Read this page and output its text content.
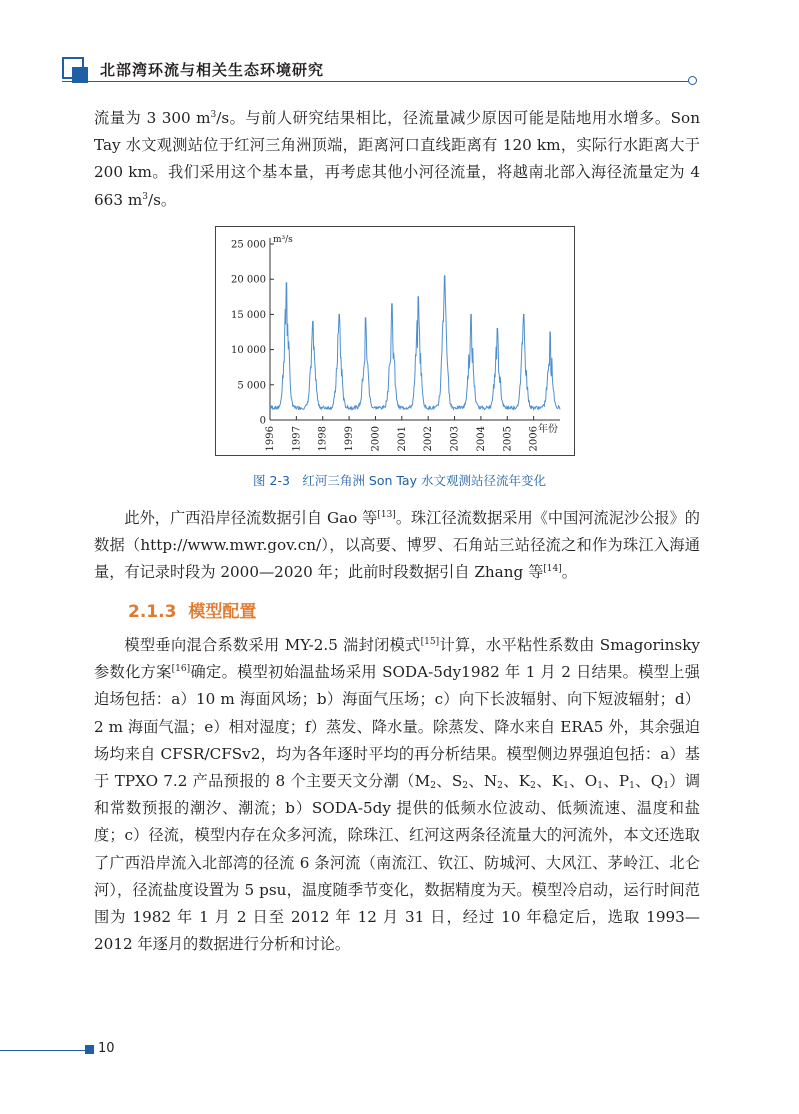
北部湾环流与相关生态环境研究

流量为 3 300 $m^3/s$。与前人研究结果相比，径流量减少原因可能是陆地用水增多。Son Tay 水文观测站位于红河三角洲顶端，距离河口直线距离有 120 km，实际行水距离大于 200 km。我们采用这个基本量，再考虑其他小河径流量，将越南北部入海径流量定为 4 663 $m^3/s$。

0
5 000
10 000
15 000
20 000
25 000 m³/s
1996 1997 1998 1999 2000 2001 2002 2003 2004 2005 2006
年份
图 2-3　红河三角洲 Son Tay 水文观测站径流年变化

此外，广西沿岸径流数据引自 Gao 等[13]。珠江径流数据采用《中国河流泥沙公报》的数据（http://www.mwr.gov.cn/），以高要、博罗、石角站三站径流之和作为珠江入海通量，有记录时段为 2000—2020 年；此前时段数据引自 Zhang 等[14]。

2.1.3 模型配置

模型垂向混合系数采用 MY-2.5 湍封闭模式[15]计算，水平粘性系数由 Smagorinsky 参数化方案[16]确定。模型初始温盐场采用 SODA-5dy1982 年 1 月 2 日结果。模型上强迫场包括：a）10 m 海面风场；b）海面气压场；c）向下长波辐射、向下短波辐射；d）2 m 海面气温；e）相对湿度；f）蒸发、降水量。除蒸发、降水来自 ERA5 外，其余强迫场均来自 CFSR/CFSv2，均为各年逐时平均的再分析结果。模型侧边界强迫包括：a）基于 TPXO 7.2 产品预报的 8 个主要天文分潮（$M_2$、$S_2$、$N_2$、$K_2$、$K_1$、$O_1$、$P_1$、$Q_1$）调和常数预报的潮汐、潮流；b）SODA-5dy 提供的低频水位波动、低频流速、温度和盐度；c）径流，模型内存在众多河流，除珠江、红河这两条径流量大的河流外，本文还选取了广西沿岸流入北部湾的径流 6 条河流（南流江、钦江、防城河、大风江、茅岭江、北仑河），径流盐度设置为 5 psu，温度随季节变化，数据精度为天。模型冷启动，运行时间范围为 1982 年 1 月 2 日至 2012 年 12 月 31 日，经过 10 年稳定后，选取 1993—2012 年逐月的数据进行分析和讨论。

10
